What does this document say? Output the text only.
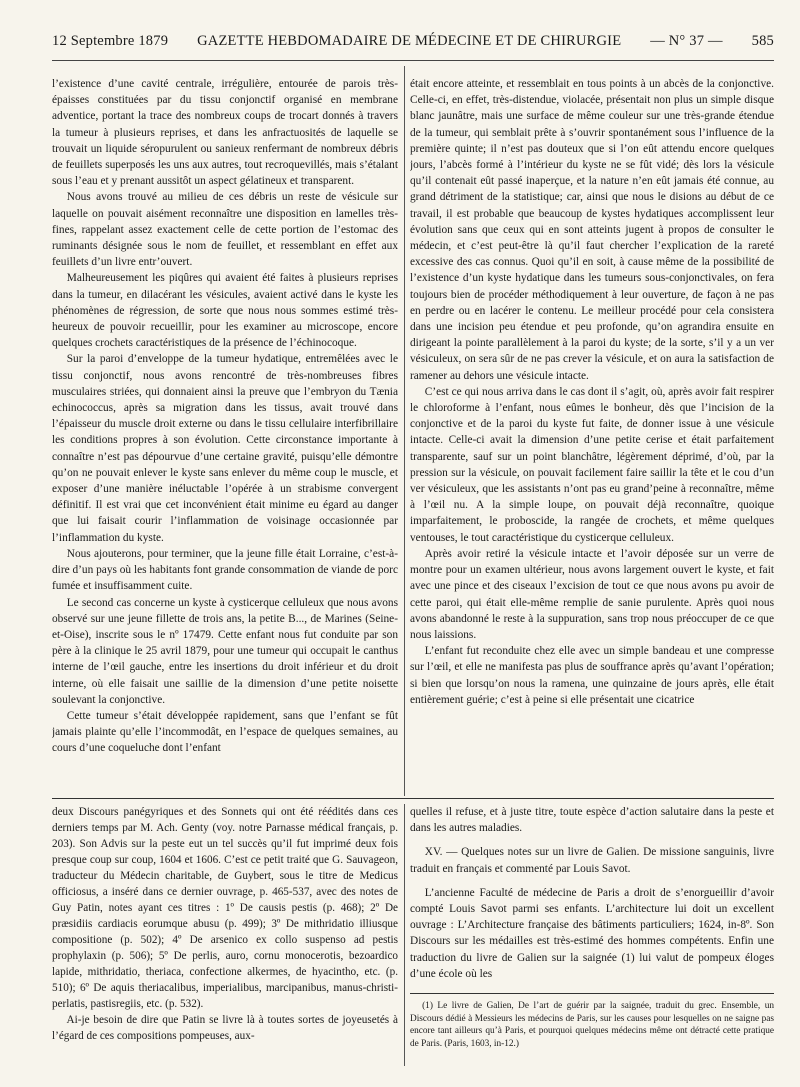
12 Septembre 1879 GAZETTE HEBDOMADAIRE DE MÉDECINE ET DE CHIRURGIE — N° 37 — 585

l’existence d’une cavité centrale, irrégulière, entourée de parois très-épaisses constituées par du tissu conjonctif organisé en membrane adventice, portant la trace des nombreux coups de trocart donnés à travers la tumeur à plusieurs reprises, et dans les anfractuosités de laquelle se trouvait un liquide séropurulent ou sanieux renfermant de nombreux débris de feuillets superposés les uns aux autres, tout recroquevillés, mais s’étalant sous l’eau et y prenant aussitôt un aspect gélatineux et transparent.

Nous avons trouvé au milieu de ces débris un reste de vésicule sur laquelle on pouvait aisément reconnaître une disposition en lamelles très-fines, rappelant assez exactement celle de cette portion de l’estomac des ruminants désignée sous le nom de feuillet, et ressemblant en effet aux feuillets d’un livre entr’ouvert.

Malheureusement les piqûres qui avaient été faites à plusieurs reprises dans la tumeur, en dilacérant les vésicules, avaient activé dans le kyste les phénomènes de régression, de sorte que nous nous sommes estimé très-heureux de pouvoir recueillir, pour les examiner au microscope, encore quelques crochets caractéristiques de la présence de l’échinocoque.

Sur la paroi d’enveloppe de la tumeur hydatique, entremêlées avec le tissu conjonctif, nous avons rencontré de très-nombreuses fibres musculaires striées, qui donnaient ainsi la preuve que l’embryon du Tænia echinococcus, après sa migration dans les tissus, avait trouvé dans l’épaisseur du muscle droit externe ou dans le tissu cellulaire interfibrillaire les conditions propres à son évolution. Cette circonstance importante à connaître n’est pas dépourvue d’une certaine gravité, puisqu’elle démontre qu’on ne pouvait enlever le kyste sans enlever du même coup le muscle, et exposer d’une manière inéluctable l’opérée à un strabisme convergent définitif. Il est vrai que cet inconvénient était minime eu égard au danger que lui faisait courir l’inflammation de voisinage occasionnée par l’inflammation du kyste.

Nous ajouterons, pour terminer, que la jeune fille était Lorraine, c’est-à-dire d’un pays où les habitants font grande consommation de viande de porc fumée et insuffisamment cuite.

Le second cas concerne un kyste à cysticerque celluleux que nous avons observé sur une jeune fillette de trois ans, la petite B..., de Marines (Seine-et-Oise), inscrite sous le nº 17479. Cette enfant nous fut conduite par son père à la clinique le 25 avril 1879, pour une tumeur qui occupait le canthus interne de l’œil gauche, entre les insertions du droit inférieur et du droit interne, où elle faisait une saillie de la dimension d’une petite noisette soulevant la conjonctive.

Cette tumeur s’était développée rapidement, sans que l’enfant se fût jamais plainte qu’elle l’incommodât, en l’espace de quelques semaines, au cours d’une coqueluche dont l’enfant

était encore atteinte, et ressemblait en tous points à un abcès de la conjonctive. Celle-ci, en effet, très-distendue, violacée, présentait non plus un simple disque blanc jaunâtre, mais une surface de même couleur sur une très-grande étendue de la tumeur, qui semblait prête à s’ouvrir spontanément sous l’influence de la première quinte; il n’est pas douteux que si l’on eût attendu encore quelques jours, l’abcès formé à l’intérieur du kyste ne se fût vidé; dès lors la vésicule qu’il contenait eût passé inaperçue, et la nature n’en eût jamais été connue, au grand détriment de la statistique; car, ainsi que nous le disions au début de ce travail, il est probable que beaucoup de kystes hydatiques accomplissent leur évolution sans que ceux qui en sont atteints jugent à propos de consulter le médecin, et c’est peut-être là qu’il faut chercher l’explication de la rareté excessive des cas connus. Quoi qu’il en soit, à cause même de la possibilité de l’existence d’un kyste hydatique dans les tumeurs sous-conjonctivales, on fera toujours bien de procéder méthodiquement à leur ouverture, de façon à ne pas en perdre ou en lacérer le contenu. Le meilleur procédé pour cela consistera dans une incision peu étendue et peu profonde, qu’on agrandira ensuite en dirigeant la pointe parallèlement à la paroi du kyste; de la sorte, s’il y a un ver vésiculeux, on sera sûr de ne pas crever la vésicule, et on aura la satisfaction de ramener au dehors une vésicule intacte.

C’est ce qui nous arriva dans le cas dont il s’agit, où, après avoir fait respirer le chloroforme à l’enfant, nous eûmes le bonheur, dès que l’incision de la conjonctive et de la paroi du kyste fut faite, de donner issue à une vésicule intacte. Celle-ci avait la dimension d’une petite cerise et était parfaitement transparente, sauf sur un point blanchâtre, légèrement déprimé, d’où, par la pression sur la vésicule, on pouvait facilement faire saillir la tête et le cou d’un ver vésiculeux, que les assistants n’ont pas eu grand’peine à reconnaître, même à l’œil nu. A la simple loupe, on pouvait déjà reconnaître, quoique imparfaitement, le proboscide, la rangée de crochets, et même quelques ventouses, le tout caractéristique du cysticerque celluleux.

Après avoir retiré la vésicule intacte et l’avoir déposée sur un verre de montre pour un examen ultérieur, nous avons largement ouvert le kyste, et fait avec une pince et des ciseaux l’excision de tout ce que nous avons pu avoir de cette paroi, qui était elle-même remplie de sanie purulente. Après quoi nous avons abandonné le reste à la suppuration, sans trop nous préoccuper de ce que nous laissions.

L’enfant fut reconduite chez elle avec un simple bandeau et une compresse sur l’œil, et elle ne manifesta pas plus de souffrance après qu’avant l’opération; si bien que lorsqu’on nous la ramena, une quinzaine de jours après, elle était entièrement guérie; c’est à peine si elle présentait une cicatrice

deux Discours panégyriques et des Sonnets qui ont été réédités dans ces derniers temps par M. Ach. Genty (voy. notre Parnasse médical français, p. 203). Son Advis sur la peste eut un tel succès qu’il fut imprimé deux fois presque coup sur coup, 1604 et 1606. C’est ce petit traité que G. Sauvageon, traducteur du Médecin charitable, de Guybert, sous le titre de Medicus officiosus, a inséré dans ce dernier ouvrage, p. 465-537, avec des notes de Guy Patin, notes ayant ces titres : 1º De causis pestis (p. 468); 2º De præsidiis cardiacis eorumque abusu (p. 499); 3º De mithridatio illiusque compositione (p. 502); 4º De arsenico ex collo suspenso ad pestis prophylaxin (p. 506); 5º De perlis, auro, cornu monocerotis, bezoardico lapide, mithridatio, theriaca, confectione alkermes, de hyacintho, etc. (p. 510); 6º De aquis theriacalibus, imperialibus, marcipanibus, manus-christi-perlatis, pastisregiis, etc. (p. 532).

Ai-je besoin de dire que Patin se livre là à toutes sortes de joyeusetés à l’égard de ces compositions pompeuses, aux-

quelles il refuse, et à juste titre, toute espèce d’action salutaire dans la peste et dans les autres maladies.

XV. — Quelques notes sur un livre de Galien. De missione sanguinis, livre traduit en français et commenté par Louis Savot.

L’ancienne Faculté de médecine de Paris a droit de s’enorgueillir d’avoir compté Louis Savot parmi ses enfants. L’architecture lui doit un excellent ouvrage : L’Architecture française des bâtiments particuliers; 1624, in-8º. Son Discours sur les médailles est très-estimé des hommes compétents. Enfin une traduction du livre de Galien sur la saignée (1) lui valut de pompeux éloges d’une école où les

(1) Le livre de Galien, De l’art de guérir par la saignée, traduit du grec. Ensemble, un Discours dédié à Messieurs les médecins de Paris, sur les causes pour lesquelles on ne saigne pas encore tant ailleurs qu’à Paris, et pourquoi quelques médecins même ont détracté cette pratique de Paris. (Paris, 1603, in-12.)
